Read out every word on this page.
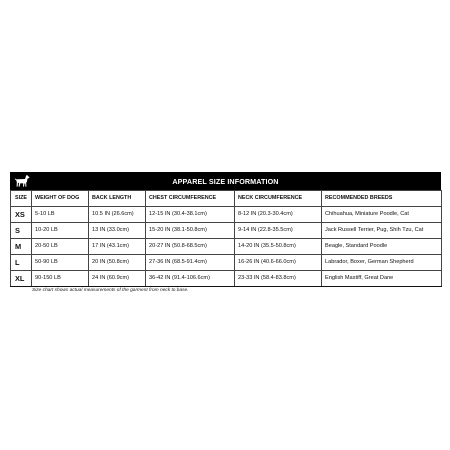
APPAREL SIZE INFORMATION
SIZE	WEIGHT OF DOG	BACK LENGTH	CHEST CIRCUMFERENCE	NECK CIRCUMFERENCE	RECOMMENDED BREEDS
XS	5-10 LB	10.5 IN (26.6cm)	12-15 IN (30.4-38.1cm)	8-12 IN (20.3-30.4cm)	Chihuahua, Miniature Poodle, Cat
S	10-20 LB	13 IN (33.0cm)	15-20 IN (38.1-50.8cm)	9-14 IN (22.8-35.5cm)	Jack Russell Terrier, Pug, Shih Tzu, Cat
M	20-50 LB	17 IN (43.1cm)	20-27 IN (50.8-68.5cm)	14-20 IN (35.5-50.8cm)	Beagle, Standard Poodle
L	50-90 LB	20 IN (50.8cm)	27-36 IN (68.5-91.4cm)	16-26 IN (40.6-66.0cm)	Labrador, Boxer, German Shepherd
XL	90-150 LB	24 IN (60.9cm)	36-42 IN (91.4-106.6cm)	23-33 IN (58.4-83.8cm)	English Mastiff, Great Dane
Size chart shows actual measurements of the garment from neck to base.
